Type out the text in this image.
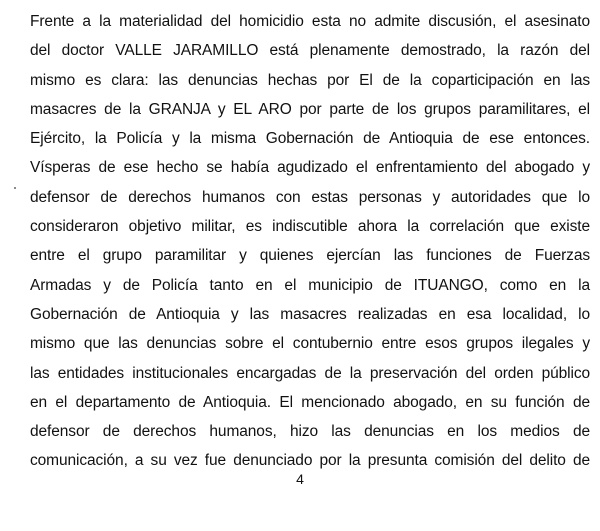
Frente a la materialidad del homicidio esta no admite discusión, el asesinato
del doctor VALLE JARAMILLO está plenamente demostrado, la razón del
mismo es clara: las denuncias hechas por El de la coparticipación en las
masacres de la GRANJA y EL ARO por parte de los grupos paramilitares, el
Ejército, la Policía y la misma Gobernación de Antioquia de ese entonces.
Vísperas de ese hecho se había agudizado el enfrentamiento del abogado y
defensor de derechos humanos con estas personas y autoridades que lo
consideraron objetivo militar, es indiscutible ahora la correlación que existe
entre el grupo paramilitar y quienes ejercían las funciones de Fuerzas
Armadas y de Policía tanto en el municipio de ITUANGO, como en la
Gobernación de Antioquia y las masacres realizadas en esa localidad, lo
mismo que las denuncias sobre el contubernio entre esos grupos ilegales y
las entidades institucionales encargadas de la preservación del orden público
en el departamento de Antioquia. El mencionado abogado, en su función de
defensor de derechos humanos, hizo las denuncias en los medios de
comunicación, a su vez fue denunciado por la presunta comisión del delito de
4
